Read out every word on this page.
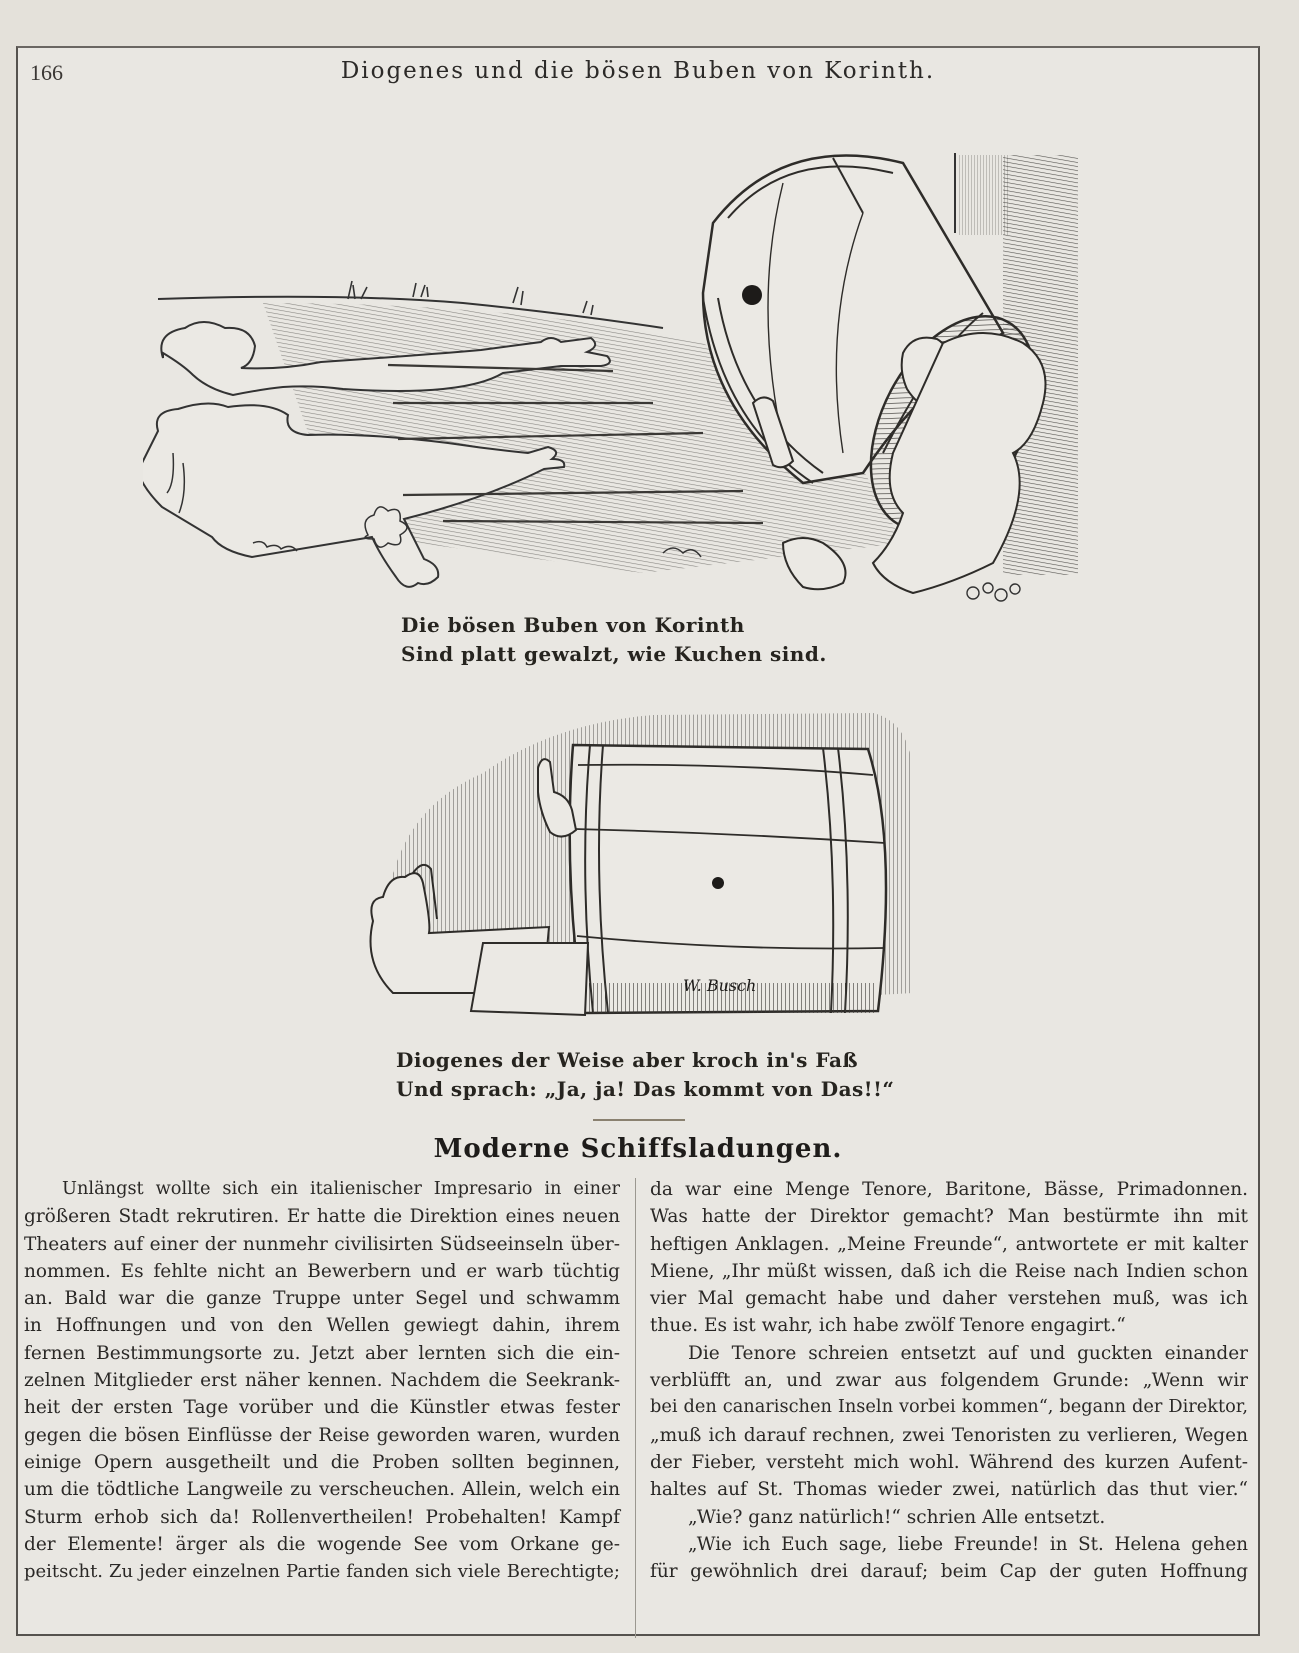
166	Diogenes und die bösen Buben von Korinth.
Die bösen Buben von Korinth
Sind platt gewalzt, wie Kuchen sind.
W. Busch
Diogenes der Weise aber kroch in's Faß
Und sprach: „Ja, ja! Das kommt von Das!!“
Moderne Schiffsladungen.
Unlängst wollte sich ein italienischer Impresario in einer
größeren Stadt rekrutiren. Er hatte die Direktion eines neuen
Theaters auf einer der nunmehr civilisirten Südseeinseln über-
nommen. Es fehlte nicht an Bewerbern und er warb tüchtig
an. Bald war die ganze Truppe unter Segel und schwamm
in Hoffnungen und von den Wellen gewiegt dahin, ihrem
fernen Bestimmungsorte zu. Jetzt aber lernten sich die ein-
zelnen Mitglieder erst näher kennen. Nachdem die Seekrank-
heit der ersten Tage vorüber und die Künstler etwas fester
gegen die bösen Einflüsse der Reise geworden waren, wurden
einige Opern ausgetheilt und die Proben sollten beginnen,
um die tödtliche Langweile zu verscheuchen. Allein, welch ein
Sturm erhob sich da! Rollenvertheilen! Probehalten! Kampf
der Elemente! ärger als die wogende See vom Orkane ge-
peitscht. Zu jeder einzelnen Partie fanden sich viele Berechtigte;
da war eine Menge Tenore, Baritone, Bässe, Primadonnen.
Was hatte der Direktor gemacht? Man bestürmte ihn mit
heftigen Anklagen. „Meine Freunde“, antwortete er mit kalter
Miene, „Ihr müßt wissen, daß ich die Reise nach Indien schon
vier Mal gemacht habe und daher verstehen muß, was ich
thue. Es ist wahr, ich habe zwölf Tenore engagirt.“
Die Tenore schreien entsetzt auf und guckten einander
verblüfft an, und zwar aus folgendem Grunde: „Wenn wir
bei den canarischen Inseln vorbei kommen“, begann der Direktor,
„muß ich darauf rechnen, zwei Tenoristen zu verlieren, Wegen
der Fieber, versteht mich wohl. Während des kurzen Aufent-
haltes auf St. Thomas wieder zwei, natürlich das thut vier.“
„Wie? ganz natürlich!“ schrien Alle entsetzt.
„Wie ich Euch sage, liebe Freunde! in St. Helena gehen
für gewöhnlich drei darauf; beim Cap der guten Hoffnung
